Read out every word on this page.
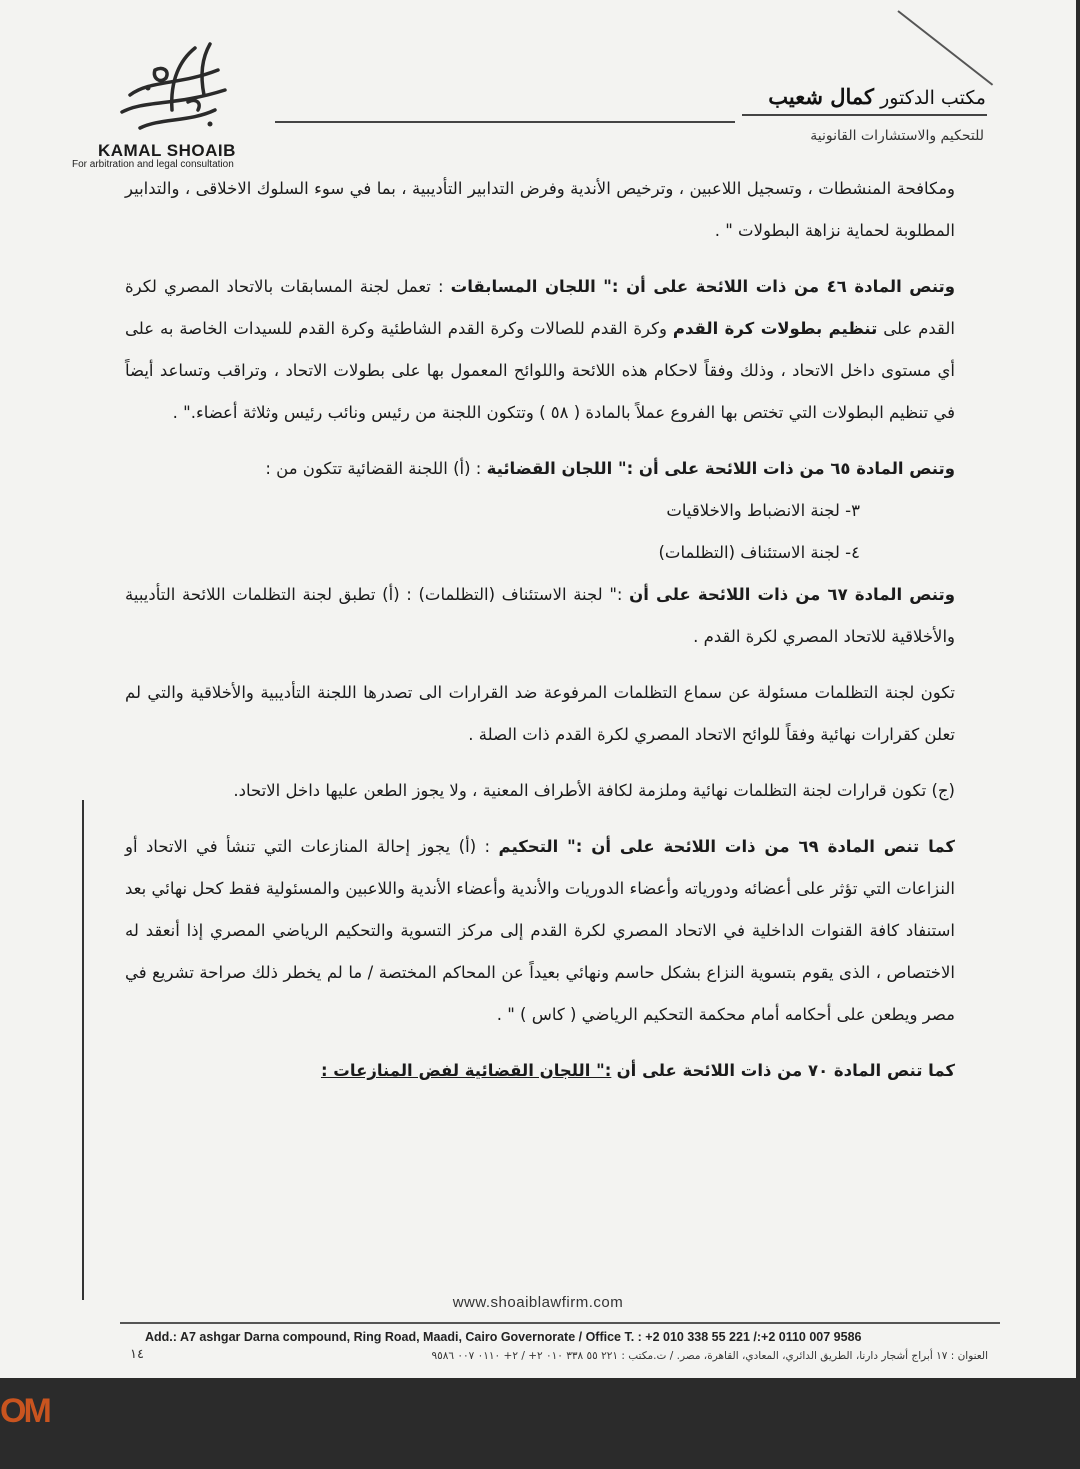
KAMAL SHOAIB
For arbitration and legal consultation
مكتب الدكتور كمال شعيب
للتحكيم والاستشارات القانونية

ومكافحة المنشطات ، وتسجيل اللاعبين ، وترخيص الأندية وفرض التدابير التأديبية ، بما في سوء السلوك الاخلاقى ، والتدابير المطلوبة لحماية نزاهة البطولات " .

وتنص المادة ٤٦ من ذات اللائحة على أن :" اللجان المسابقات : تعمل لجنة المسابقات بالاتحاد المصري لكرة القدم على تنظيم بطولات كرة القدم وكرة القدم للصالات وكرة القدم الشاطئية وكرة القدم للسيدات الخاصة به على أي مستوى داخل الاتحاد ، وذلك وفقاً لاحكام هذه اللائحة واللوائح المعمول بها على بطولات الاتحاد ، وتراقب وتساعد أيضاً في تنظيم البطولات التي تختص بها الفروع عملاً بالمادة ( ٥٨ ) وتتكون اللجنة من رئيس ونائب رئيس وثلاثة أعضاء." .

وتنص المادة ٦٥ من ذات اللائحة على أن :" اللجان القضائية : (أ) اللجنة القضائية تتكون من :

٣- لجنة الانضباط والاخلاقيات

٤- لجنة الاستئناف (التظلمات)

وتنص المادة ٦٧ من ذات اللائحة على أن :" لجنة الاستئناف (التظلمات) : (أ) تطبق لجنة التظلمات اللائحة التأديبية والأخلاقية للاتحاد المصري لكرة القدم .

تكون لجنة التظلمات مسئولة عن سماع التظلمات المرفوعة ضد القرارات الى تصدرها اللجنة التأديبية والأخلاقية والتي لم تعلن كقرارات نهائية وفقاً للوائح الاتحاد المصري لكرة القدم ذات الصلة .

(ج) تكون قرارات لجنة التظلمات نهائية وملزمة لكافة الأطراف المعنية ، ولا يجوز الطعن عليها داخل الاتحاد.

كما تنص المادة ٦٩ من ذات اللائحة على أن :" التحكيم : (أ) يجوز إحالة المنازعات التي تنشأ في الاتحاد أو النزاعات التي تؤثر على أعضائه ودورياته وأعضاء الدوريات والأندية وأعضاء الأندية واللاعبين والمسئولية فقط كحل نهائي بعد استنفاد كافة القنوات الداخلية في الاتحاد المصري لكرة القدم إلى مركز التسوية والتحكيم الرياضي المصري إذا أنعقد له الاختصاص ، الذى يقوم بتسوية النزاع بشكل حاسم ونهائي بعيداً عن المحاكم المختصة / ما لم يخطر ذلك صراحة تشريع في مصر ويطعن على أحكامه أمام محكمة التحكيم الرياضي ( كاس ) " .

كما تنص المادة ٧٠ من ذات اللائحة على أن :" اللجان القضائية لفض المنازعات :

www.shoaiblawfirm.com
Add.: A7 ashgar Darna compound, Ring Road, Maadi, Cairo Governorate / Office T. : +2 010 338 55 221 /:+2 0110 007 9586
١٤	العنوان : ١٧ أبراج أشجار دارنا، الطريق الدائري، المعادي، القاهرة، مصر. / ت.مكتب : ٢٢١ ٥٥ ٣٣٨ ٠١٠ ٢+ / ٢+ ٠١١٠ ٠٠٧ ٩٥٨٦
OM
